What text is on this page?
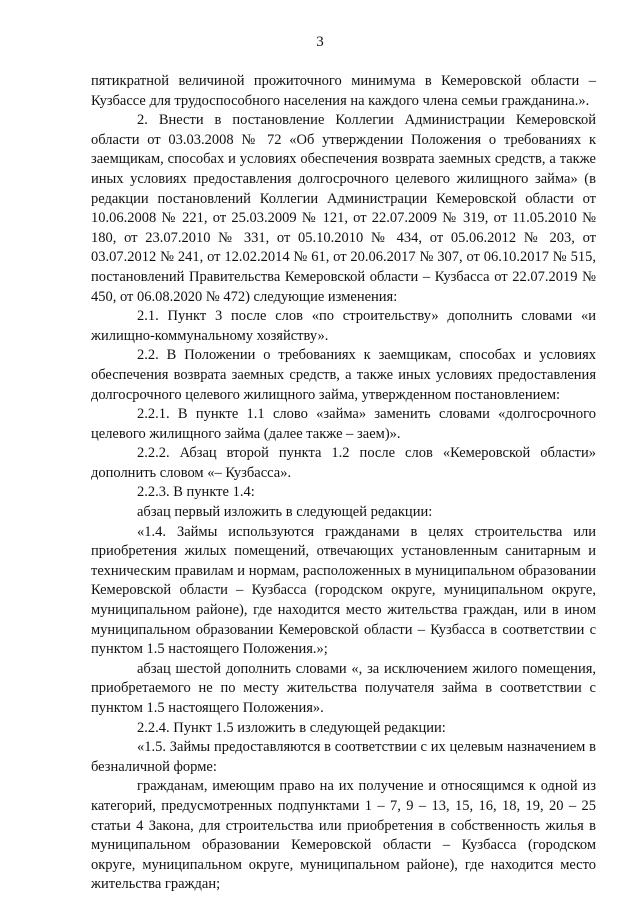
3

пятикратной величиной прожиточного минимума в Кемеровской области – Кузбассе для трудоспособного населения на каждого члена семьи гражданина.».

2. Внести в постановление Коллегии Администрации Кемеровской области от 03.03.2008 № 72 «Об утверждении Положения о требованиях к заемщикам, способах и условиях обеспечения возврата заемных средств, а также иных условиях предоставления долгосрочного целевого жилищного займа» (в редакции постановлений Коллегии Администрации Кемеровской области от 10.06.2008 № 221, от 25.03.2009 № 121, от 22.07.2009 № 319, от 11.05.2010 № 180, от 23.07.2010 № 331, от 05.10.2010 № 434, от 05.06.2012 № 203, от 03.07.2012 № 241, от 12.02.2014 № 61, от 20.06.2017 № 307, от 06.10.2017 № 515, постановлений Правительства Кемеровской области – Кузбасса от 22.07.2019 № 450, от 06.08.2020 № 472) следующие изменения:

2.1. Пункт 3 после слов «по строительству» дополнить словами «и жилищно-коммунальному хозяйству».

2.2. В Положении о требованиях к заемщикам, способах и условиях обеспечения возврата заемных средств, а также иных условиях предоставления долгосрочного целевого жилищного займа, утвержденном постановлением:

2.2.1. В пункте 1.1 слово «займа» заменить словами «долгосрочного целевого жилищного займа (далее также – заем)».

2.2.2. Абзац второй пункта 1.2 после слов «Кемеровской области» дополнить словом «– Кузбасса».

2.2.3. В пункте 1.4:

абзац первый изложить в следующей редакции:

«1.4. Займы используются гражданами в целях строительства или приобретения жилых помещений, отвечающих установленным санитарным и техническим правилам и нормам, расположенных в муниципальном образовании Кемеровской области – Кузбасса (городском округе, муниципальном округе, муниципальном районе), где находится место жительства граждан, или в ином муниципальном образовании Кемеровской области – Кузбасса в соответствии с пунктом 1.5 настоящего Положения.»;

абзац шестой дополнить словами «, за исключением жилого помещения, приобретаемого не по месту жительства получателя займа в соответствии с пунктом 1.5 настоящего Положения».

2.2.4. Пункт 1.5 изложить в следующей редакции:

«1.5. Займы предоставляются в соответствии с их целевым назначением в безналичной форме:

гражданам, имеющим право на их получение и относящимся к одной из категорий, предусмотренных подпунктами 1 – 7, 9 – 13, 15, 16, 18, 19, 20 – 25 статьи 4 Закона, для строительства или приобретения в собственность жилья в муниципальном образовании Кемеровской области – Кузбасса (городском округе, муниципальном округе, муниципальном районе), где находится место жительства граждан;
